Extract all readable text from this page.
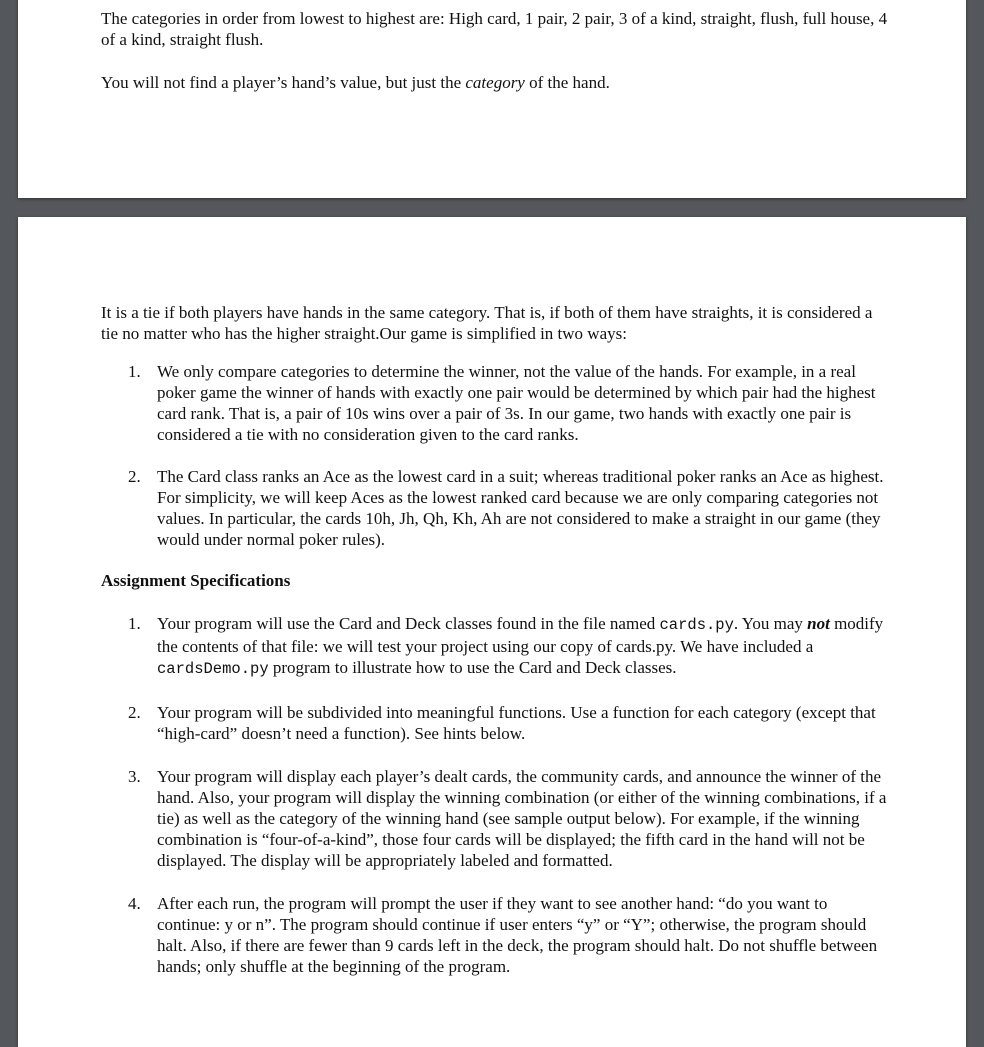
The categories in order from lowest to highest are: High card, 1 pair, 2 pair, 3 of a kind, straight, flush, full house, 4 of a kind, straight flush.

You will not find a player’s hand’s value, but just the category of the hand.

It is a tie if both players have hands in the same category. That is, if both of them have straights, it is considered a tie no matter who has the higher straight.Our game is simplified in two ways:

1. We only compare categories to determine the winner, not the value of the hands. For example, in a real poker game the winner of hands with exactly one pair would be determined by which pair had the highest card rank. That is, a pair of 10s wins over a pair of 3s. In our game, two hands with exactly one pair is considered a tie with no consideration given to the card ranks.
2. The Card class ranks an Ace as the lowest card in a suit; whereas traditional poker ranks an Ace as highest. For simplicity, we will keep Aces as the lowest ranked card because we are only comparing categories not values. In particular, the cards 10h, Jh, Qh, Kh, Ah are not considered to make a straight in our game (they would under normal poker rules).

Assignment Specifications

1. Your program will use the Card and Deck classes found in the file named cards.py. You may not modify the contents of that file: we will test your project using our copy of cards.py. We have included a cardsDemo.py program to illustrate how to use the Card and Deck classes.
2. Your program will be subdivided into meaningful functions. Use a function for each category (except that “high-card” doesn’t need a function). See hints below.
3. Your program will display each player’s dealt cards, the community cards, and announce the winner of the hand. Also, your program will display the winning combination (or either of the winning combinations, if a tie) as well as the category of the winning hand (see sample output below). For example, if the winning combination is “four-of-a-kind”, those four cards will be displayed; the fifth card in the hand will not be displayed. The display will be appropriately labeled and formatted.
4. After each run, the program will prompt the user if they want to see another hand: “do you want to continue: y or n”. The program should continue if user enters “y” or “Y”; otherwise, the program should halt. Also, if there are fewer than 9 cards left in the deck, the program should halt. Do not shuffle between hands; only shuffle at the beginning of the program.
